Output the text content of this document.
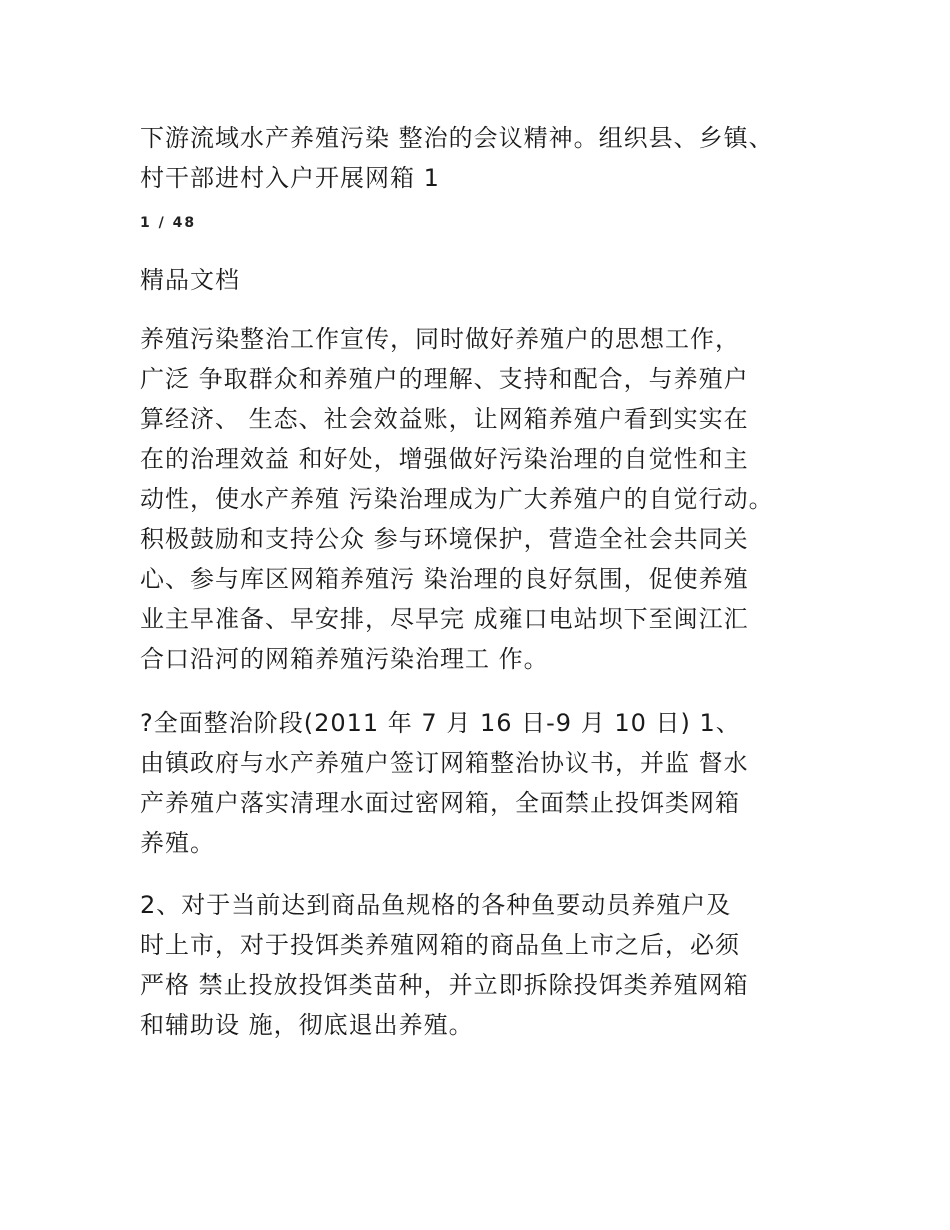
下游流域水产养殖污染 整治的会议精神。组织县、乡镇、
村干部进村入户开展网箱 1
1 / 48
精品文档
养殖污染整治工作宣传，同时做好养殖户的思想工作，
广泛 争取群众和养殖户的理解、支持和配合，与养殖户
算经济、 生态、社会效益账，让网箱养殖户看到实实在
在的治理效益 和好处，增强做好污染治理的自觉性和主
动性，使水产养殖 污染治理成为广大养殖户的自觉行动。
积极鼓励和支持公众 参与环境保护，营造全社会共同关
心、参与库区网箱养殖污 染治理的良好氛围，促使养殖
业主早准备、早安排，尽早完 成雍口电站坝下至闽江汇
合口沿河的网箱养殖污染治理工 作。
?全面整治阶段(2011 年 7 月 16 日-9 月 10 日) 1、
由镇政府与水产养殖户签订网箱整治协议书，并监 督水
产养殖户落实清理水面过密网箱，全面禁止投饵类网箱
养殖。
2、对于当前达到商品鱼规格的各种鱼要动员养殖户及
时上市，对于投饵类养殖网箱的商品鱼上市之后，必须
严格 禁止投放投饵类苗种，并立即拆除投饵类养殖网箱
和辅助设 施，彻底退出养殖。
